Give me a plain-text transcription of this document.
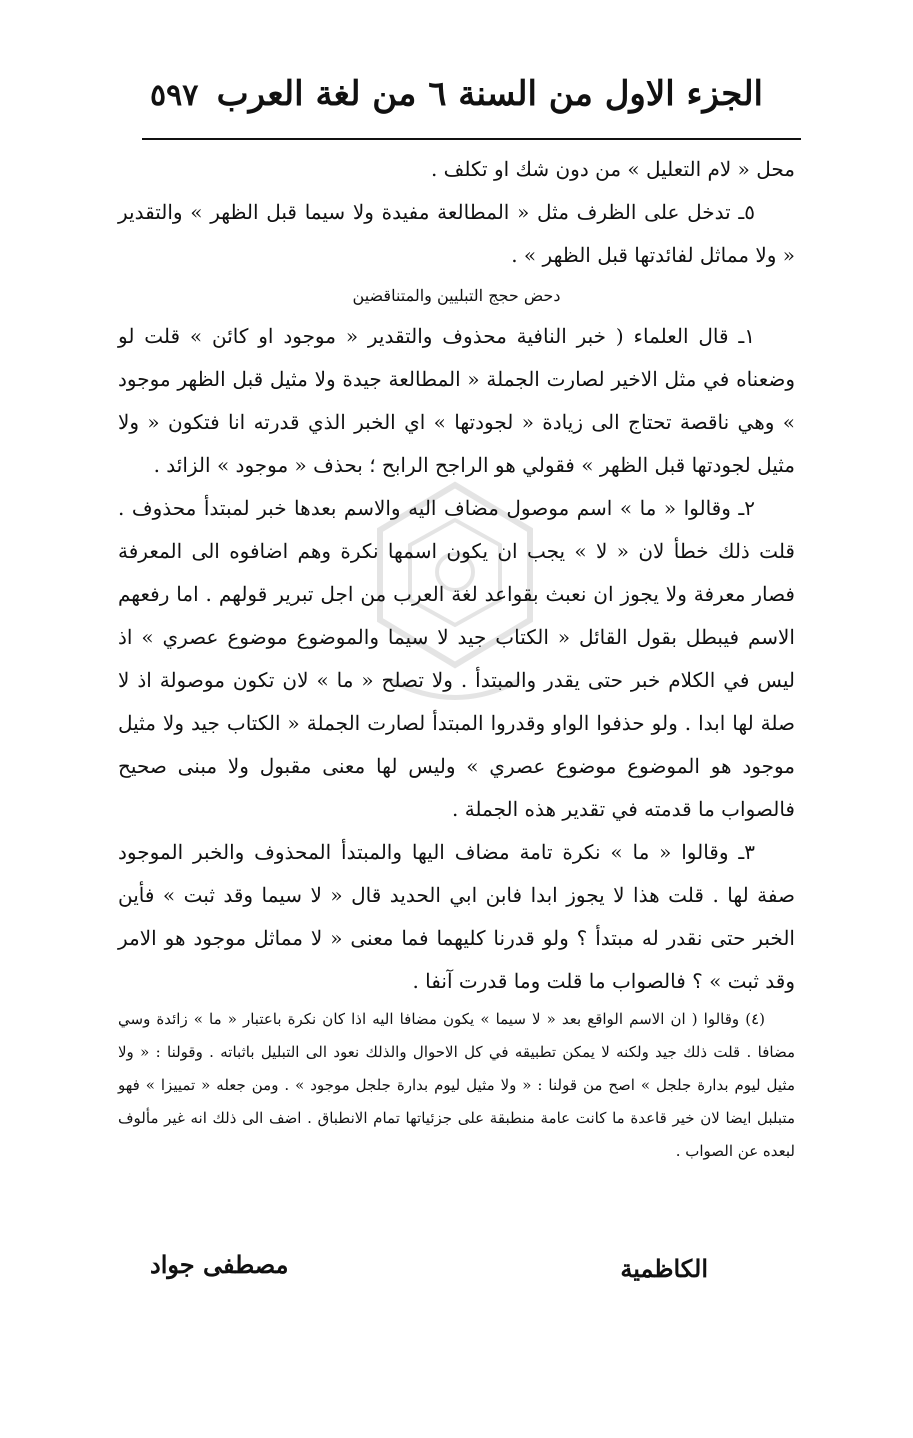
الجزء الاول من السنة ٦ من لغة العرب
٥٩٧

محل « لام التعليل » من دون شك او تكلف .

٥ـ تدخل على الظرف مثل « المطالعة مفيدة ولا سيما قبل الظهر » والتقدير « ولا مماثل لفائدتها قبل الظهر » .

دحض حجج التبليين والمتناقضين

١ـ قال العلماء ( خبر النافية محذوف والتقدير « موجود او كائن » قلت لو وضعناه في مثل الاخير لصارت الجملة « المطالعة جيدة ولا مثيل قبل الظهر موجود » وهي ناقصة تحتاج الى زيادة « لجودتها » اي الخبر الذي قدرته انا فتكون « ولا مثيل لجودتها قبل الظهر » فقولي هو الراجح الرابح ؛ بحذف « موجود » الزائد .

٢ـ وقالوا « ما » اسم موصول مضاف اليه والاسم بعدها خبر لمبتدأ محذوف . قلت ذلك خطأ لان « لا » يجب ان يكون اسمها نكرة وهم اضافوه الى المعرفة فصار معرفة ولا يجوز ان نعبث بقواعد لغة العرب من اجل تبرير قولهم . اما رفعهم الاسم فيبطل بقول القائل « الكتاب جيد لا سيما والموضوع موضوع عصري » اذ ليس في الكلام خبر حتى يقدر والمبتدأ . ولا تصلح « ما » لان تكون موصولة اذ لا صلة لها ابدا . ولو حذفوا الواو وقدروا المبتدأ لصارت الجملة « الكتاب جيد ولا مثيل موجود هو الموضوع موضوع عصري » وليس لها معنى مقبول ولا مبنى صحيح فالصواب ما قدمته في تقدير هذه الجملة .

٣ـ وقالوا « ما » نكرة تامة مضاف اليها والمبتدأ المحذوف والخبر الموجود صفة لها . قلت هذا لا يجوز ابدا فابن ابي الحديد قال « لا سيما وقد ثبت » فأين الخبر حتى نقدر له مبتدأ ؟ ولو قدرنا كليهما فما معنى « لا مماثل موجود هو الامر وقد ثبت » ؟ فالصواب ما قلت وما قدرت آنفا .

(٤) وقالوا ( ان الاسم الواقع بعد « لا سيما » يكون مضافا اليه اذا كان نكرة باعتبار « ما » زائدة وسي مضافا . قلت ذلك جيد ولكنه لا يمكن تطبيقه في كل الاحوال والذلك نعود الى التبليل باثباته . وقولنا : « ولا مثيل ليوم بدارة جلجل » اصح من قولنا : « ولا مثيل ليوم بدارة جلجل موجود » . ومن جعله « تمييزا » فهو متبلبل ايضا لان خير قاعدة ما كانت عامة منطبقة على جزئياتها تمام الانطباق . اضف الى ذلك انه غير مألوف لبعده عن الصواب .

الكاظمية
مصطفى جواد
